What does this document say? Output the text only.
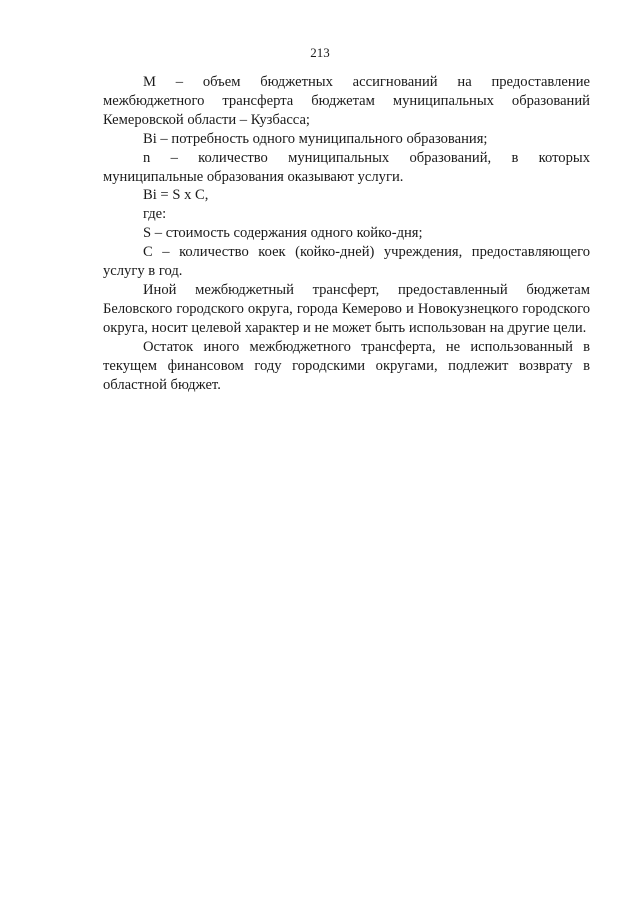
213

M – объем бюджетных ассигнований на предоставление межбюджетного трансферта бюджетам муниципальных образований Кемеровской области – Кузбасса;

Bi – потребность одного муниципального образования;

n – количество муниципальных образований, в которых муниципальные образования оказывают услуги.

Bi = S x C,

где:

S – стоимость содержания одного койко-дня;

C – количество коек (койко-дней) учреждения, предоставляющего услугу в год.

Иной межбюджетный трансферт, предоставленный бюджетам Беловского городского округа, города Кемерово и Новокузнецкого городского округа, носит целевой характер и не может быть использован на другие цели.

Остаток иного межбюджетного трансферта, не использованный в текущем финансовом году городскими округами, подлежит возврату в областной бюджет.
